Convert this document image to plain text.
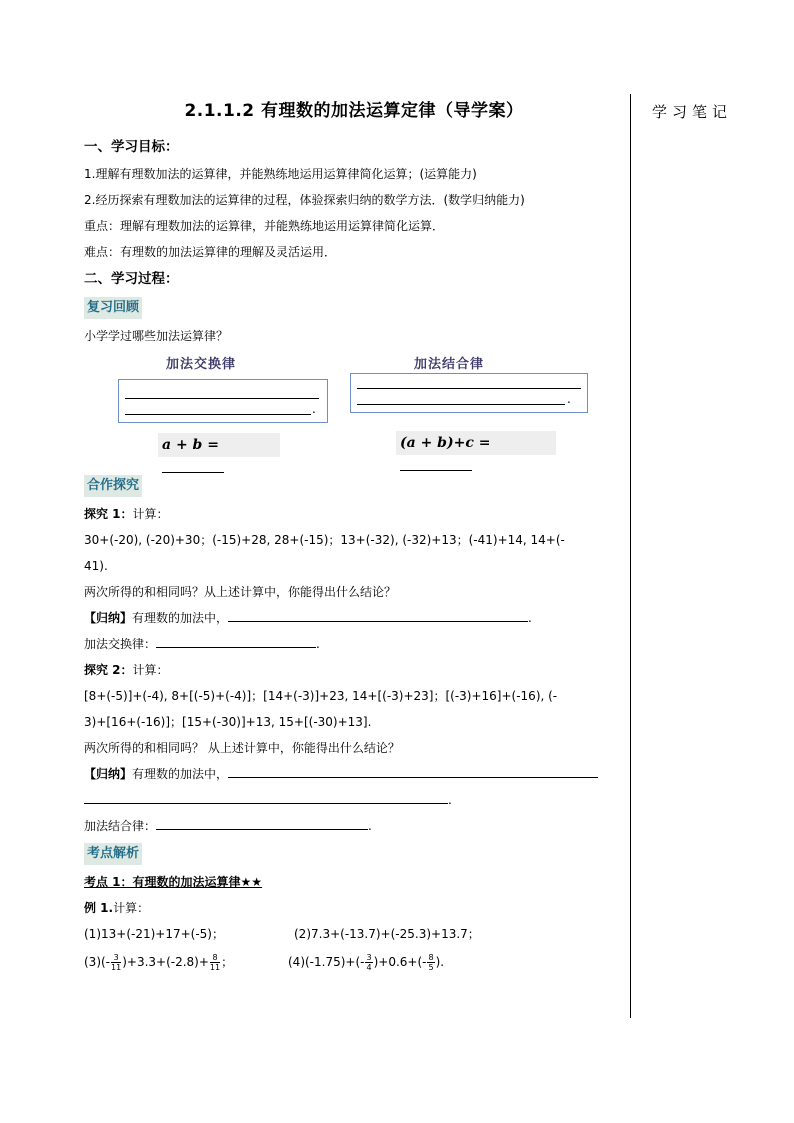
学习笔记
2.1.1.2 有理数的加法运算定律（导学案）
一、学习目标：
1.理解有理数加法的运算律，并能熟练地运用运算律简化运算；(运算能力)
2.经历探索有理数加法的运算律的过程，体验探索归纳的数学方法．(数学归纳能力)
重点：理解有理数加法的运算律，并能熟练地运用运算律简化运算．
难点：有理数的加法运算律的理解及灵活运用．
二、学习过程：
复习回顾
小学学过哪些加法运算律？
加法交换律
.
a + b =
加法结合律
.
(a + b)+c =
合作探究
探究 1：计算：
30+(-20), (-20)+30；(-15)+28, 28+(-15)；13+(-32), (-32)+13；(-41)+14, 14+(-
41).
两次所得的和相同吗？从上述计算中，你能得出什么结论？
【归纳】有理数的加法中，	.
加法交换律：	.
探究 2：计算：
[8+(-5)]+(-4), 8+[(-5)+(-4)]；[14+(-3)]+23, 14+[(-3)+23]；[(-3)+16]+(-16), (-
3)+[16+(-16)]；[15+(-30)]+13, 15+[(-30)+13].
两次所得的和相同吗？ 从上述计算中，你能得出什么结论？
【归纳】有理数的加法中，
.
加法结合律：	.
考点解析
考点 1：有理数的加法运算律★★
例 1.计算：
(1)13+(-21)+17+(-5)；	(2)7.3+(-13.7)+(-25.3)+13.7；
$(3)(- \frac{3}{11} )+3.3+(-2.8)+ \frac{8}{11}$ ；	$(4)(-1.75)+(- \frac{3}{4} )+0.6+(- \frac{8}{5}$ ).
